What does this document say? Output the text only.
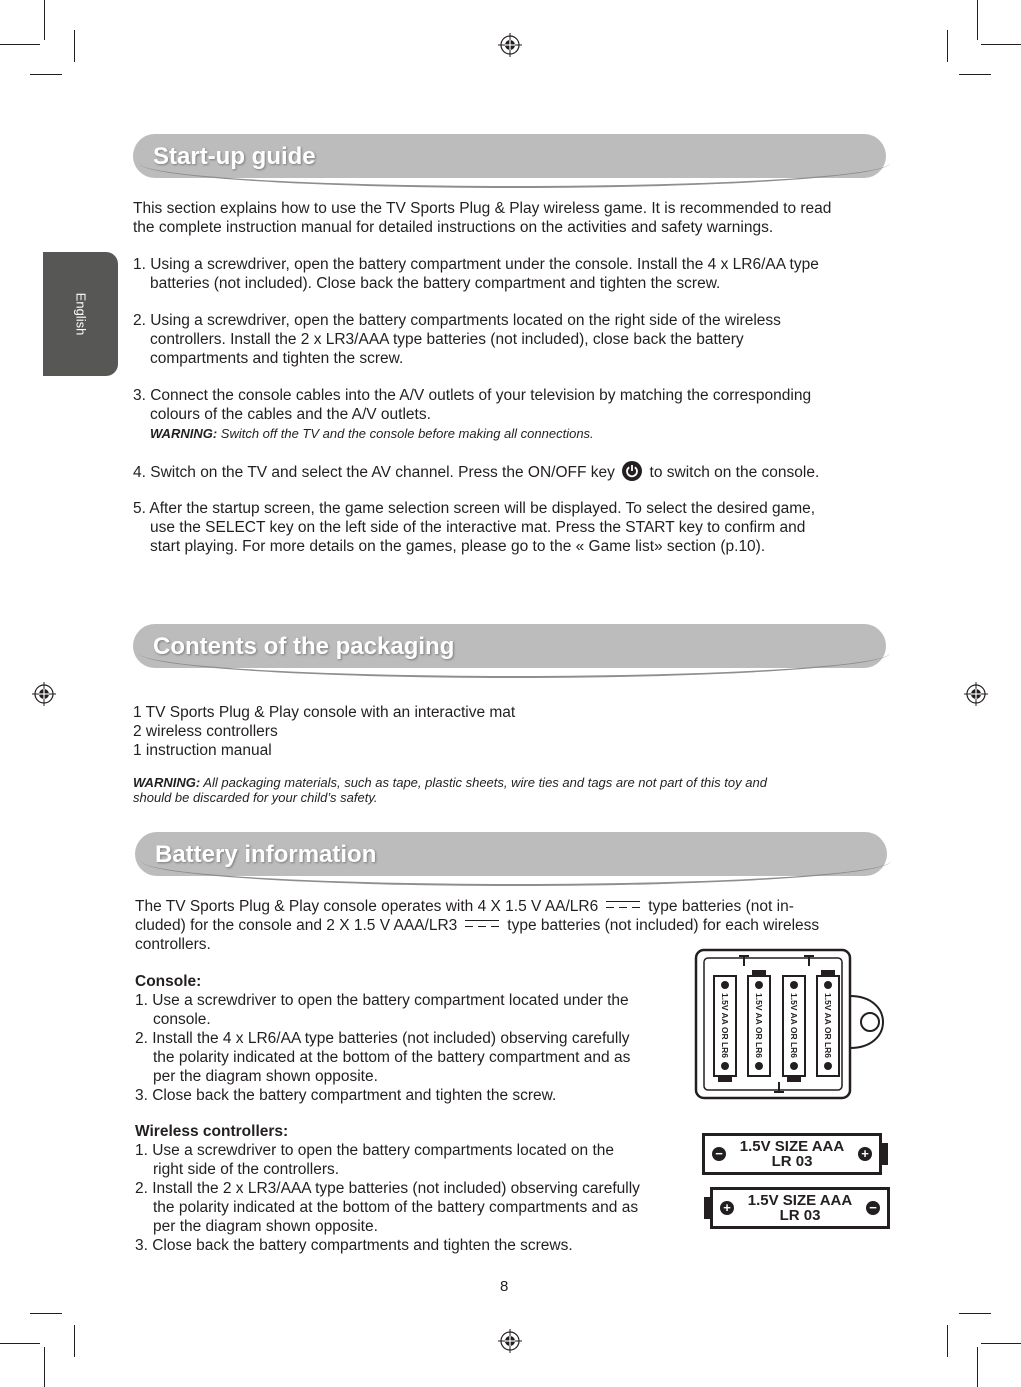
English
Start-up guide
This section explains how to use the TV Sports Plug & Play wireless game. It is recommended to read
the complete instruction manual for detailed instructions on the activities and safety warnings.
1. Using a screwdriver, open the battery compartment under the console. Install the 4 x LR6/AA type
batteries (not included). Close back the battery compartment and tighten the screw.
2. Using a screwdriver, open the battery compartments located on the right side of the wireless
controllers. Install the 2 x LR3/AAA type batteries (not included), close back the battery
compartments and tighten the screw.
3. Connect the console cables into the A/V outlets of your television by matching the corresponding
colours of the cables and the A/V outlets.
WARNING: Switch off the TV and the console before making all connections.
4. Switch on the TV and select the AV channel. Press the ON/OFF key to switch on the console.
5. After the startup screen, the game selection screen will be displayed. To select the desired game,
use the SELECT key on the left side of the interactive mat. Press the START key to confirm and
start playing. For more details on the games, please go to the « Game list» section (p.10).
Contents of the packaging
1 TV Sports Plug & Play console with an interactive mat
2 wireless controllers
1 instruction manual
WARNING: All packaging materials, such as tape, plastic sheets, wire ties and tags are not part of this toy and
should be discarded for your child’s safety.
Battery information
The TV Sports Plug & Play console operates with 4 X 1.5 V AA/LR6	type batteries (not in-
cluded) for the console and 2 X 1.5 V AAA/LR3	type batteries (not included) for each wireless
controllers.
Console:
1. Use a screwdriver to open the battery compartment located under the
console.
2. Install the 4 x LR6/AA type batteries (not included) observing carefully
the polarity indicated at the bottom of the battery compartment and as
per the diagram shown opposite.
3. Close back the battery compartment and tighten the screw.
Wireless controllers:
1. Use a screwdriver to open the battery compartments located on the
right side of the controllers.
2. Install the 2 x LR3/AAA type batteries (not included) observing carefully
the polarity indicated at the bottom of the battery compartments and as
per the diagram shown opposite.
3. Close back the battery compartments and tighten the screws.
1.5V AA OR LR6	1.5V AA OR LR6	1.5V AA OR LR6	1.5V AA OR LR6
−	+
1.5V SIZE AAA
LR 03
+	−
1.5V SIZE AAA
LR 03
8
